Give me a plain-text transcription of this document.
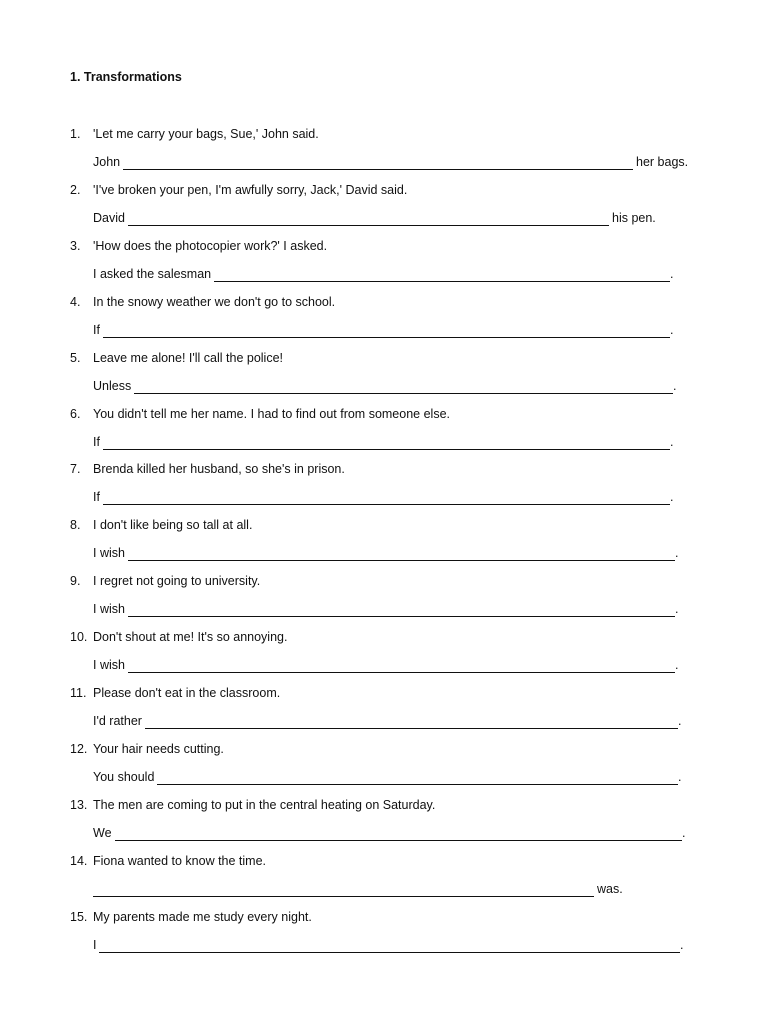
1. Transformations
1.	'Let me carry your bags, Sue,' John said.
John	her bags.
2.	'I've broken your pen, I'm awfully sorry, Jack,' David said.
David	his pen.
3.	'How does the photocopier work?' I asked.
I asked the salesman	.
4.	In the snowy weather we don't go to school.
If	.
5.	Leave me alone! I'll call the police!
Unless	.
6.	You didn't tell me her name. I had to find out from someone else.
If	.
7.	Brenda killed her husband, so she's in prison.
If	.
8.	I don't like being so tall at all.
I wish	.
9.	I regret not going to university.
I wish	.
10. Don't shout at me! It's so annoying.
I wish	.
11. Please don't eat in the classroom.
I'd rather	.
12. Your hair needs cutting.
You should	.
13. The men are coming to put in the central heating on Saturday.
We	.
14. Fiona wanted to know the time.
was.
15. My parents made me study every night.
I	.
